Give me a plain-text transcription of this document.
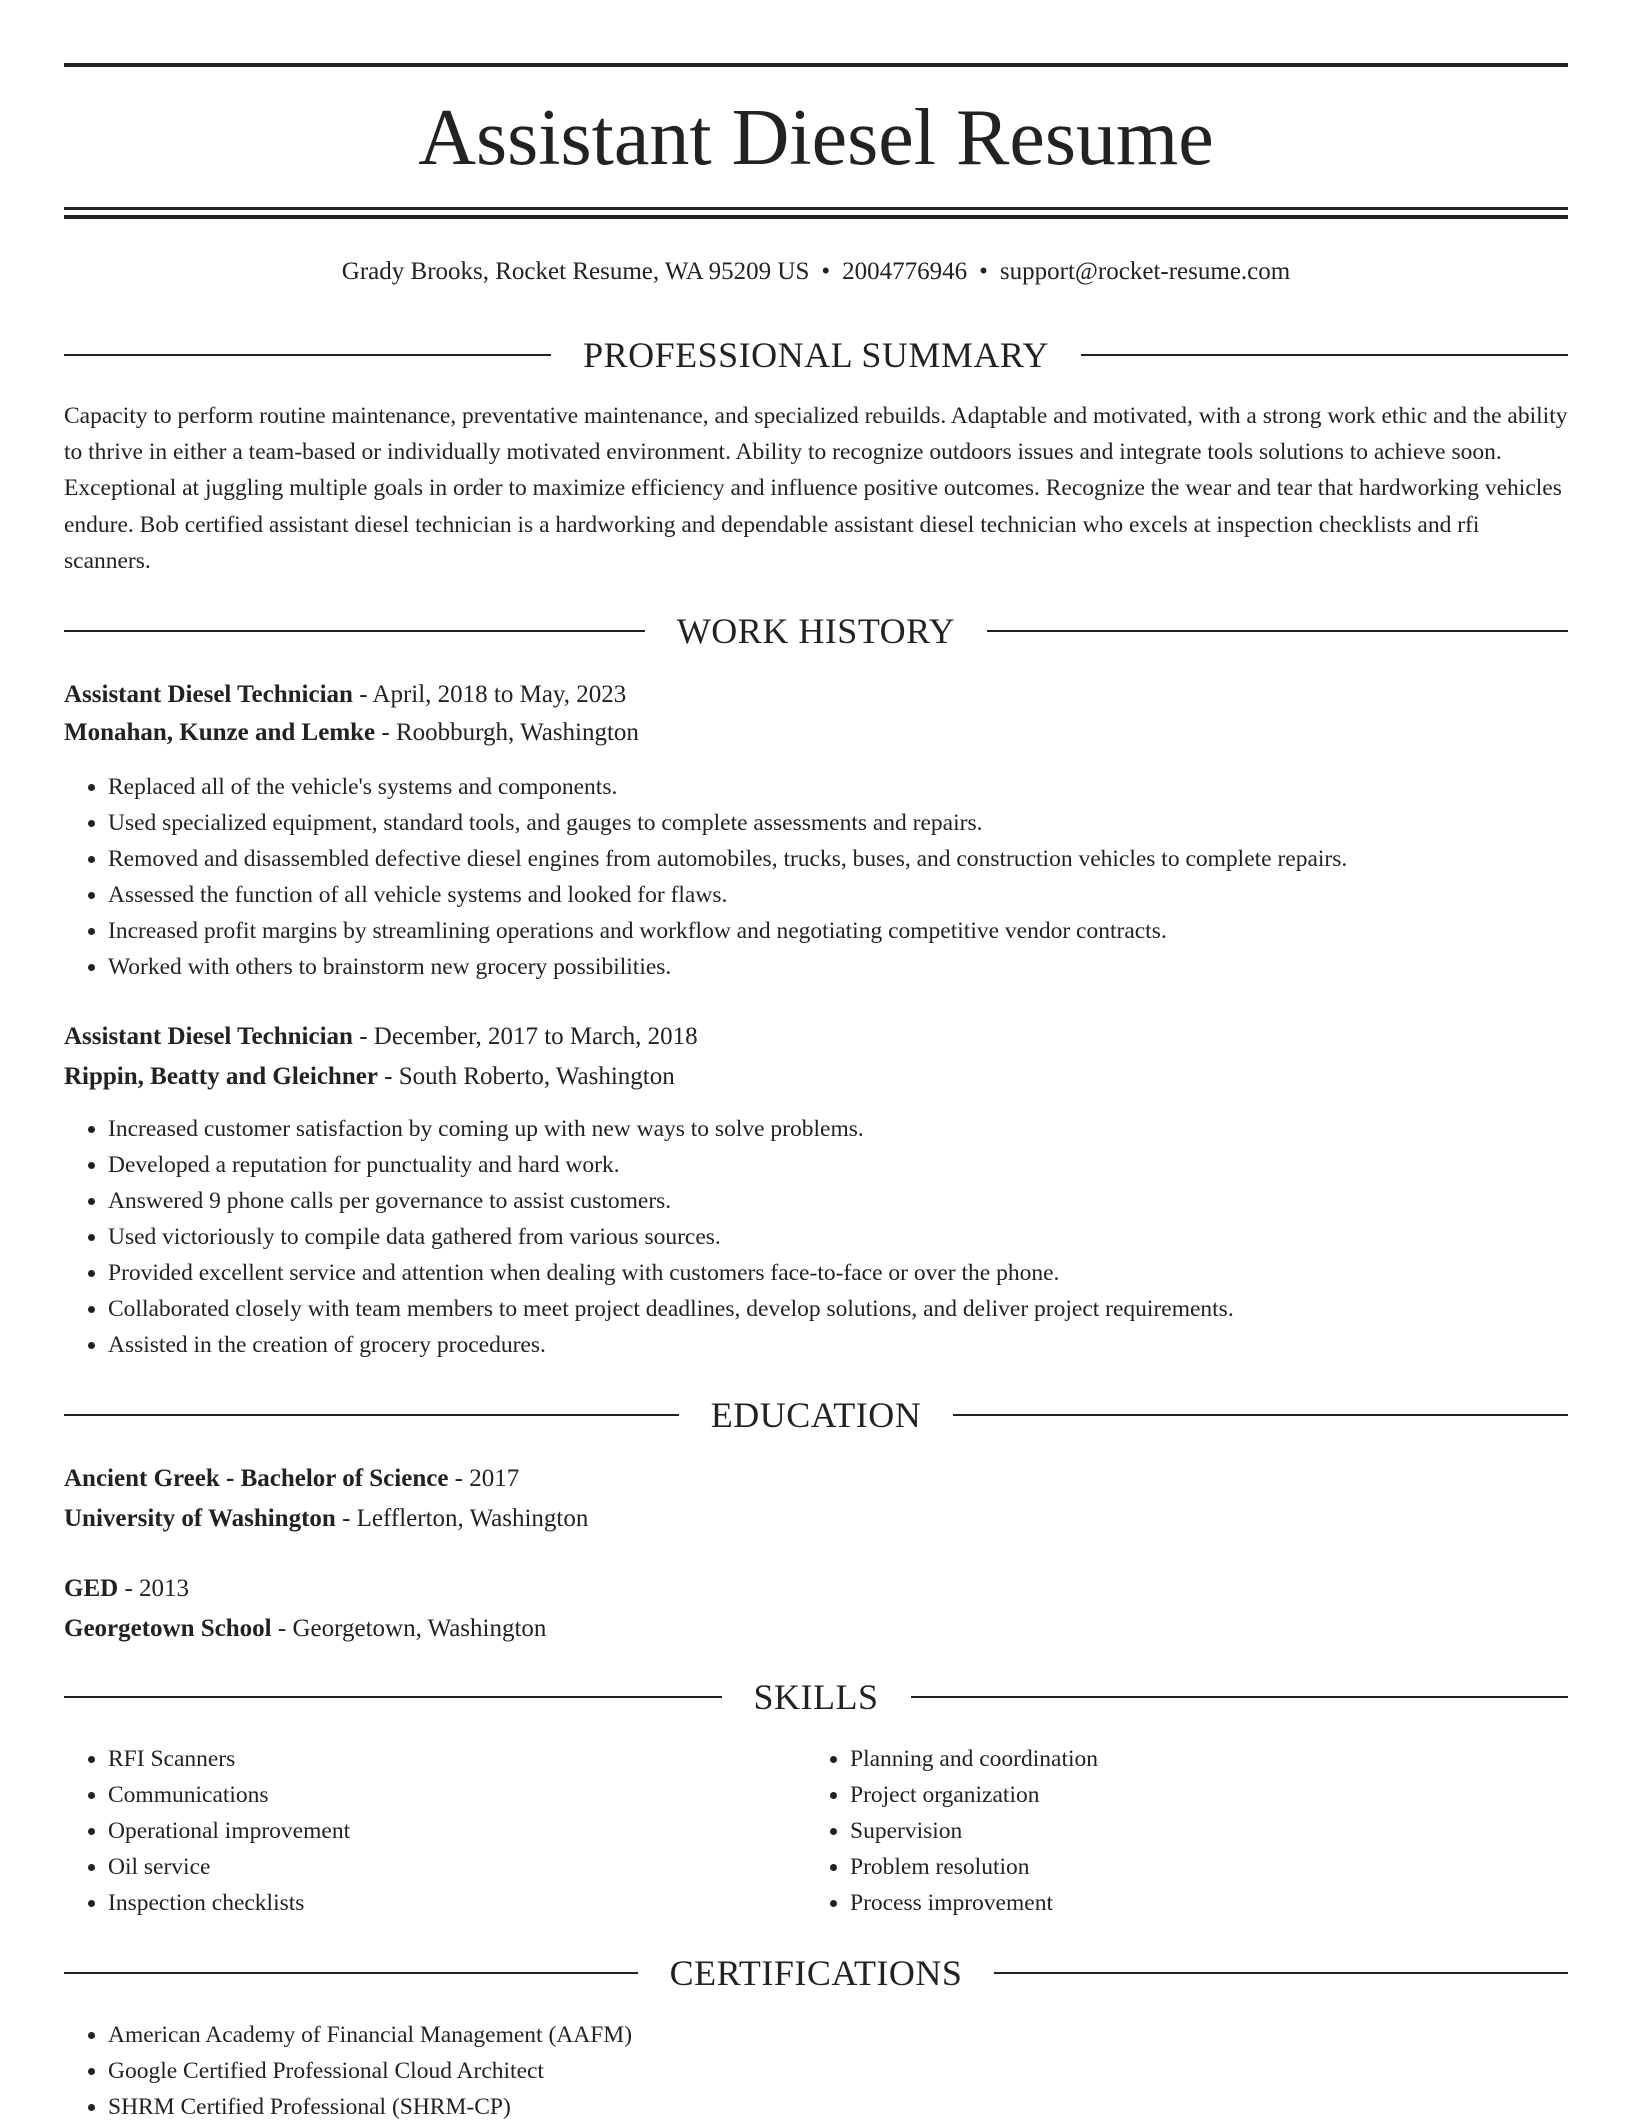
Assistant Diesel Resume
Grady Brooks, Rocket Resume, WA 95209 US • 2004776946 • support@rocket-resume.com
PROFESSIONAL SUMMARY

Capacity to perform routine maintenance, preventative maintenance, and specialized rebuilds. Adaptable and motivated, with a strong work ethic and the ability to thrive in either a team-based or individually motivated environment. Ability to recognize outdoors issues and integrate tools solutions to achieve soon. Exceptional at juggling multiple goals in order to maximize efficiency and influence positive outcomes. Recognize the wear and tear that hardworking vehicles endure. Bob certified assistant diesel technician is a hardworking and dependable assistant diesel technician who excels at inspection checklists and rfi scanners.

WORK HISTORY
Assistant Diesel Technician - April, 2018 to May, 2023
Monahan, Kunze and Lemke - Roobburgh, Washington
• Replaced all of the vehicle's systems and components.
• Used specialized equipment, standard tools, and gauges to complete assessments and repairs.
• Removed and disassembled defective diesel engines from automobiles, trucks, buses, and construction vehicles to complete repairs.
• Assessed the function of all vehicle systems and looked for flaws.
• Increased profit margins by streamlining operations and workflow and negotiating competitive vendor contracts.
• Worked with others to brainstorm new grocery possibilities.
Assistant Diesel Technician - December, 2017 to March, 2018
Rippin, Beatty and Gleichner - South Roberto, Washington
• Increased customer satisfaction by coming up with new ways to solve problems.
• Developed a reputation for punctuality and hard work.
• Answered 9 phone calls per governance to assist customers.
• Used victoriously to compile data gathered from various sources.
• Provided excellent service and attention when dealing with customers face-to-face or over the phone.
• Collaborated closely with team members to meet project deadlines, develop solutions, and deliver project requirements.
• Assisted in the creation of grocery procedures.
EDUCATION
Ancient Greek - Bachelor of Science - 2017
University of Washington - Lefflerton, Washington
GED - 2013
Georgetown School - Georgetown, Washington
SKILLS
• RFI Scanners
• Communications
• Operational improvement
• Oil service
• Inspection checklists
• Planning and coordination
• Project organization
• Supervision
• Problem resolution
• Process improvement
CERTIFICATIONS
• American Academy of Financial Management (AAFM)
• Google Certified Professional Cloud Architect
• SHRM Certified Professional (SHRM-CP)
